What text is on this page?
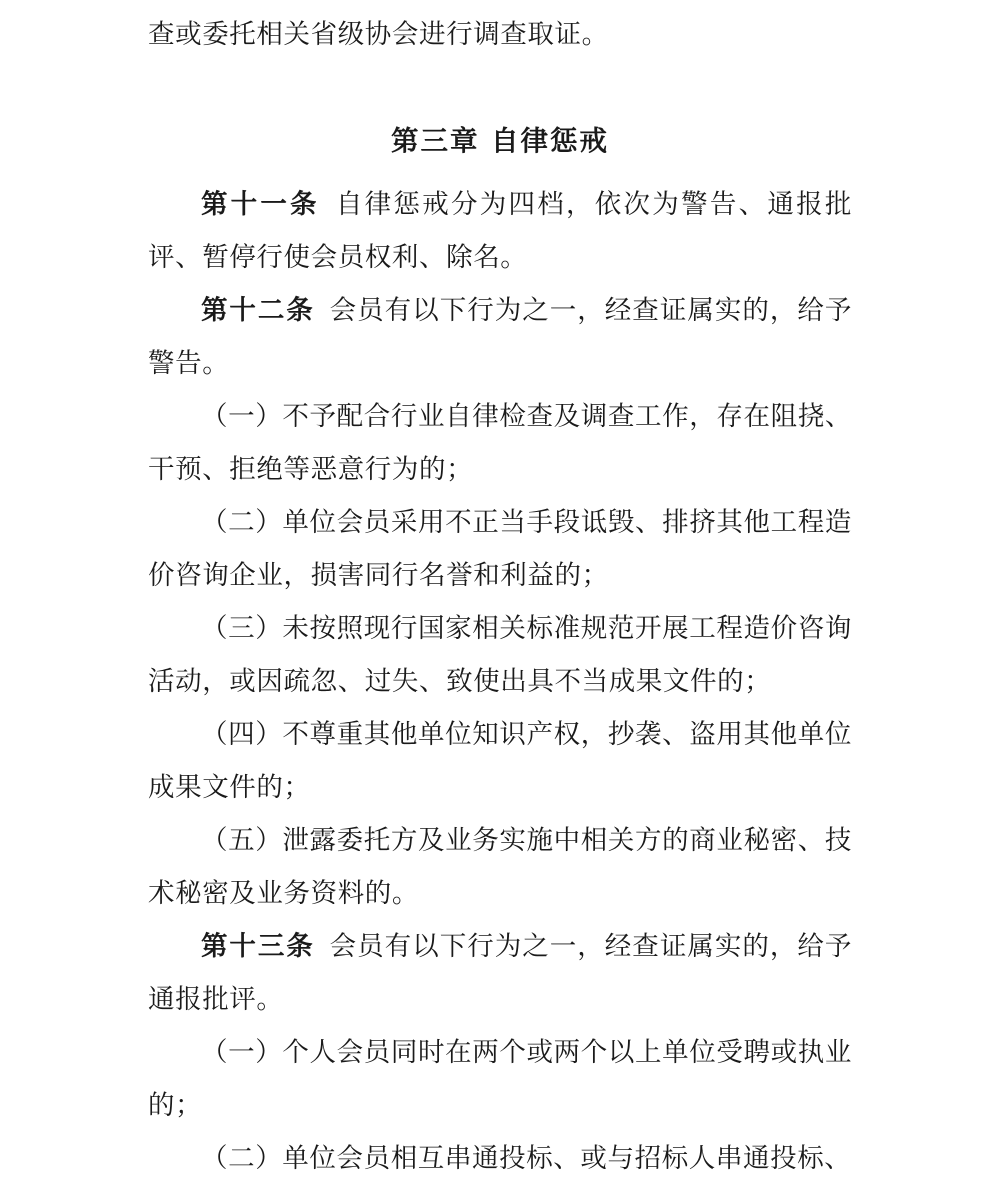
查或委托相关省级协会进行调查取证。

第三章 自律惩戒

第十一条 自律惩戒分为四档，依次为警告、通报批评、暂停行使会员权利、除名。

第十二条 会员有以下行为之一，经查证属实的，给予警告。

（一）不予配合行业自律检查及调查工作，存在阻挠、干预、拒绝等恶意行为的；

（二）单位会员采用不正当手段诋毁、排挤其他工程造价咨询企业，损害同行名誉和利益的；

（三）未按照现行国家相关标准规范开展工程造价咨询活动，或因疏忽、过失、致使出具不当成果文件的；

（四）不尊重其他单位知识产权，抄袭、盗用其他单位成果文件的；

（五）泄露委托方及业务实施中相关方的商业秘密、技术秘密及业务资料的。

第十三条 会员有以下行为之一，经查证属实的，给予通报批评。

（一）个人会员同时在两个或两个以上单位受聘或执业的；

（二）单位会员相互串通投标、或与招标人串通投标、
